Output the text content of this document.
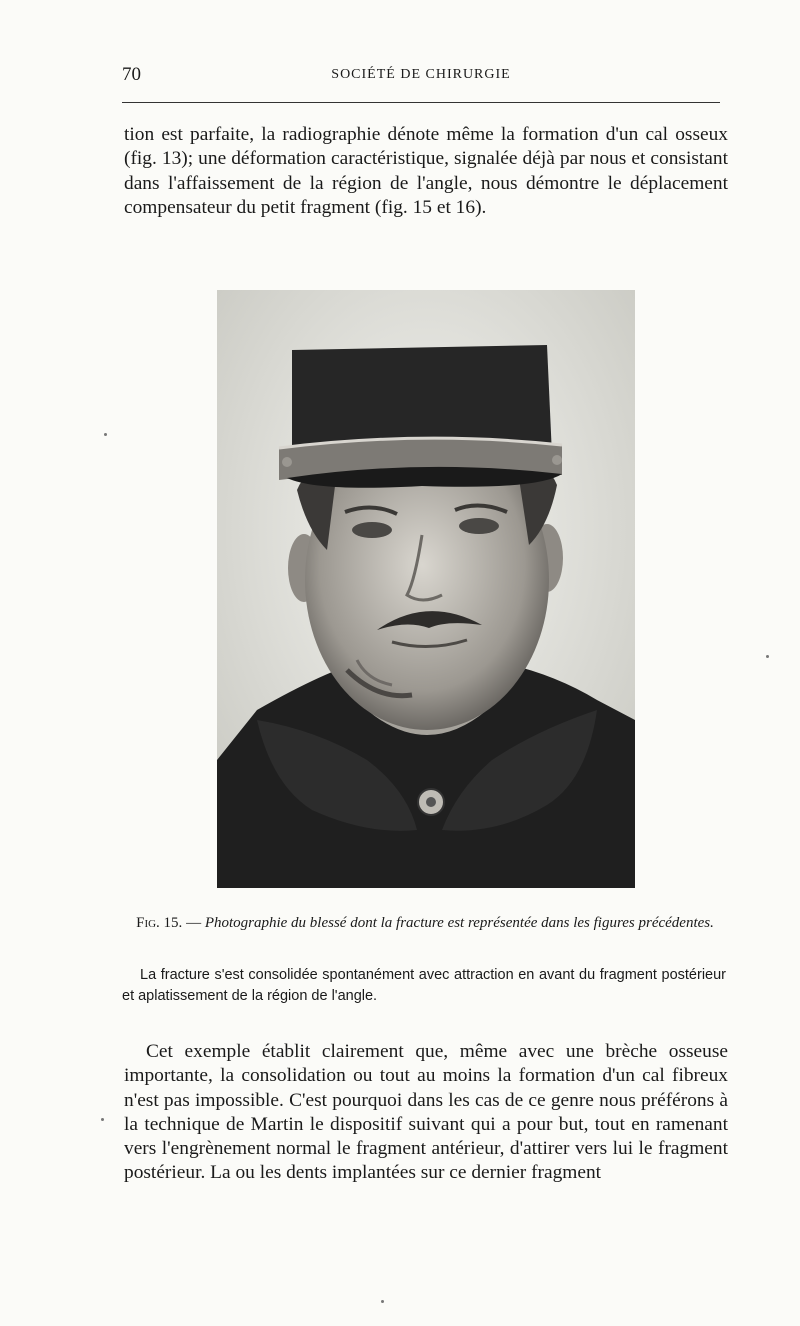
70	SOCIÉTÉ DE CHIRURGIE

tion est parfaite, la radiographie dénote même la formation d'un cal osseux (fig. 13); une déformation caractéristique, signalée déjà par nous et consistant dans l'affaissement de la région de l'angle, nous démontre le déplacement compensateur du petit fragment (fig. 15 et 16).

Fig. 15. — Photographie du blessé dont la fracture est représentée dans les figures précédentes.

La fracture s'est consolidée spontanément avec attraction en avant du fragment postérieur et aplatissement de la région de l'angle.

Cet exemple établit clairement que, même avec une brèche osseuse importante, la consolidation ou tout au moins la formation d'un cal fibreux n'est pas impossible. C'est pourquoi dans les cas de ce genre nous préférons à la technique de Martin le dispositif suivant qui a pour but, tout en ramenant vers l'engrènement normal le fragment antérieur, d'attirer vers lui le fragment postérieur. La ou les dents implantées sur ce dernier fragment
